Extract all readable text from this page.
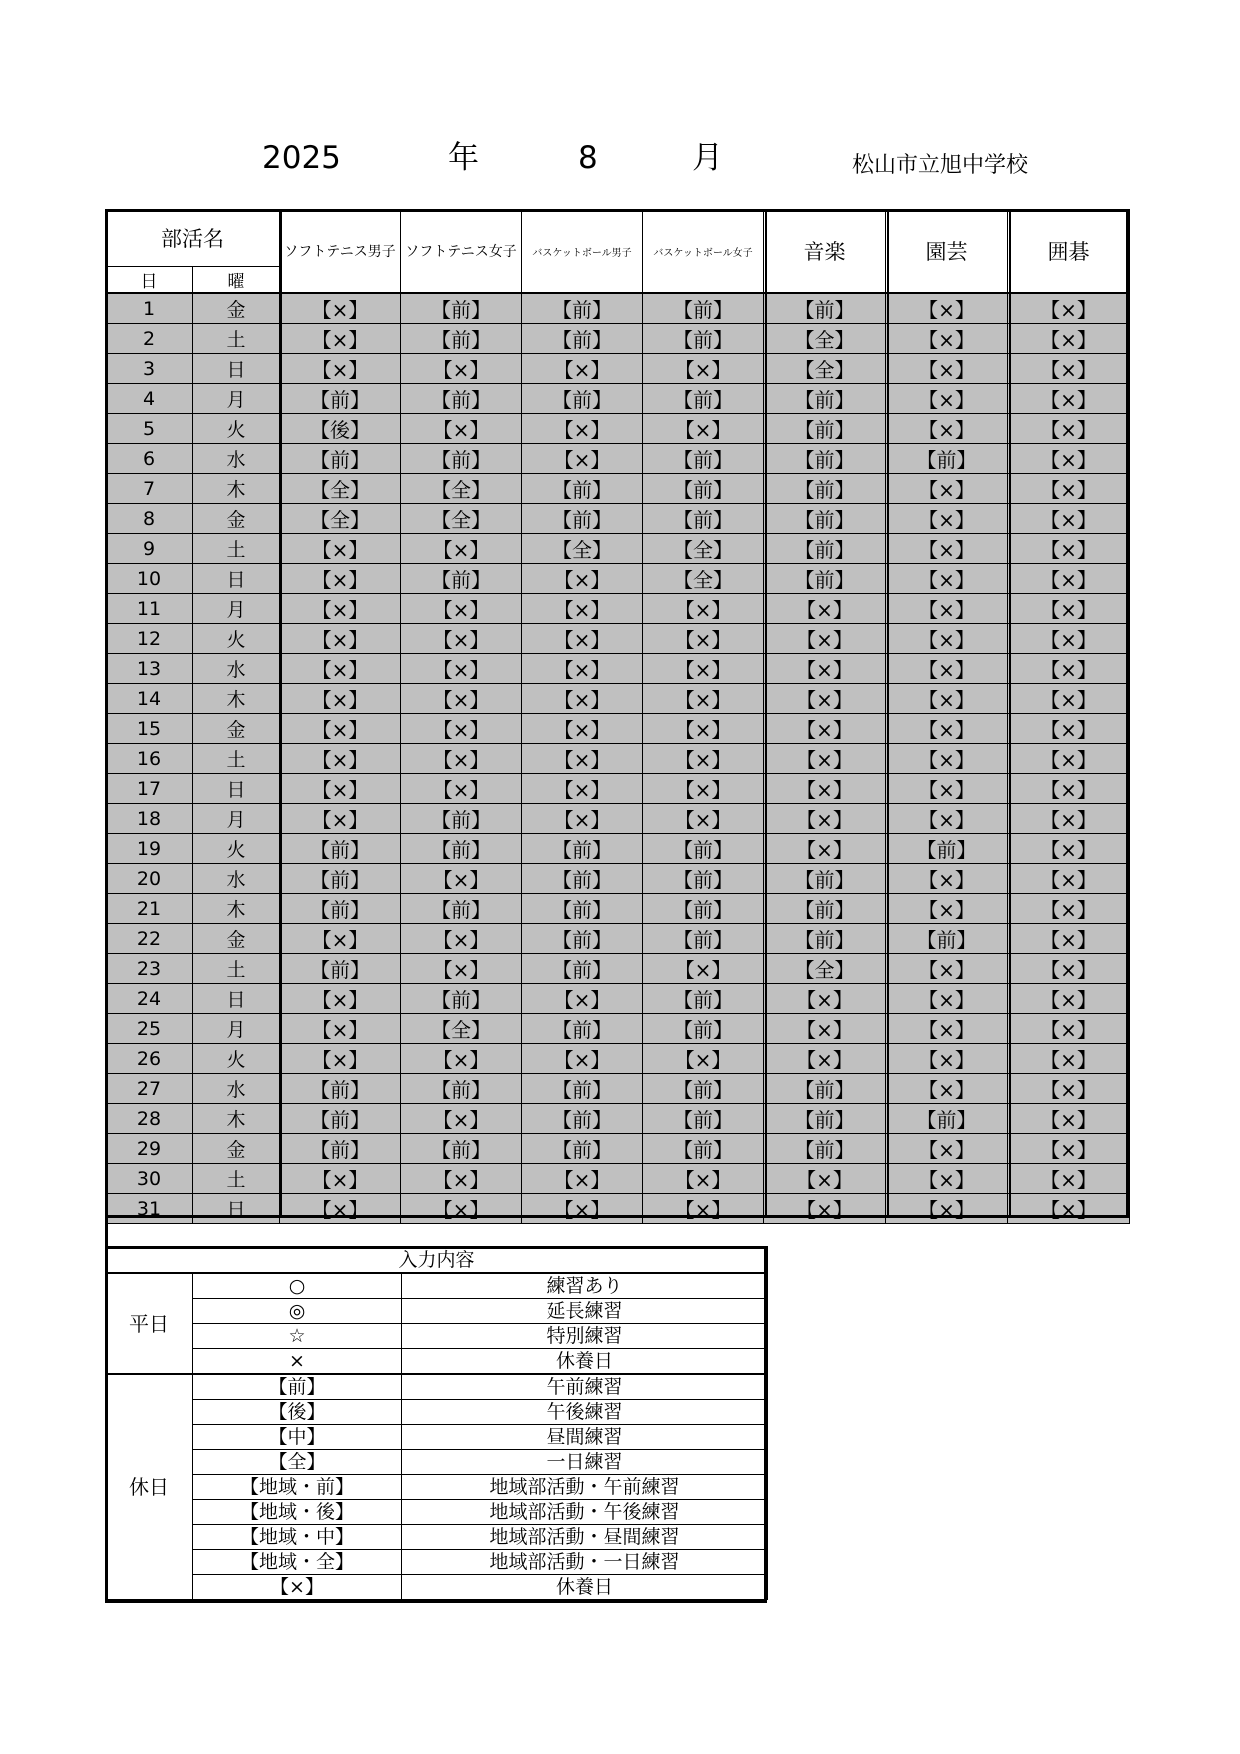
2025	年	8	月	松山市立旭中学校
部活名		ソフトテニス男子	ソフトテニス女子	バスケットボール男子	バスケットボール女子	音楽	園芸	囲碁
日	曜							
1	金	【×】	【前】	【前】	【前】	【前】	【×】	【×】
2	土	【×】	【前】	【前】	【前】	【全】	【×】	【×】
3	日	【×】	【×】	【×】	【×】	【全】	【×】	【×】
4	月	【前】	【前】	【前】	【前】	【前】	【×】	【×】
5	火	【後】	【×】	【×】	【×】	【前】	【×】	【×】
6	水	【前】	【前】	【×】	【前】	【前】	【前】	【×】
7	木	【全】	【全】	【前】	【前】	【前】	【×】	【×】
8	金	【全】	【全】	【前】	【前】	【前】	【×】	【×】
9	土	【×】	【×】	【全】	【全】	【前】	【×】	【×】
10	日	【×】	【前】	【×】	【全】	【前】	【×】	【×】
11	月	【×】	【×】	【×】	【×】	【×】	【×】	【×】
12	火	【×】	【×】	【×】	【×】	【×】	【×】	【×】
13	水	【×】	【×】	【×】	【×】	【×】	【×】	【×】
14	木	【×】	【×】	【×】	【×】	【×】	【×】	【×】
15	金	【×】	【×】	【×】	【×】	【×】	【×】	【×】
16	土	【×】	【×】	【×】	【×】	【×】	【×】	【×】
17	日	【×】	【×】	【×】	【×】	【×】	【×】	【×】
18	月	【×】	【前】	【×】	【×】	【×】	【×】	【×】
19	火	【前】	【前】	【前】	【前】	【×】	【前】	【×】
20	水	【前】	【×】	【前】	【前】	【前】	【×】	【×】
21	木	【前】	【前】	【前】	【前】	【前】	【×】	【×】
22	金	【×】	【×】	【前】	【前】	【前】	【前】	【×】
23	土	【前】	【×】	【前】	【×】	【全】	【×】	【×】
24	日	【×】	【前】	【×】	【前】	【×】	【×】	【×】
25	月	【×】	【全】	【前】	【前】	【×】	【×】	【×】
26	火	【×】	【×】	【×】	【×】	【×】	【×】	【×】
27	水	【前】	【前】	【前】	【前】	【前】	【×】	【×】
28	木	【前】	【×】	【前】	【前】	【前】	【前】	【×】
29	金	【前】	【前】	【前】	【前】	【前】	【×】	【×】
30	土	【×】	【×】	【×】	【×】	【×】	【×】	【×】
31	日	【×】	【×】	【×】	【×】	【×】	【×】	【×】
入力内容		
平日	○	練習あり
	◎	延長練習
	☆	特別練習
	×	休養日
休日	【前】	午前練習
	【後】	午後練習
	【中】	昼間練習
	【全】	一日練習
	【地域・前】	地域部活動・午前練習
	【地域・後】	地域部活動・午後練習
	【地域・中】	地域部活動・昼間練習
	【地域・全】	地域部活動・一日練習
	【×】	休養日
